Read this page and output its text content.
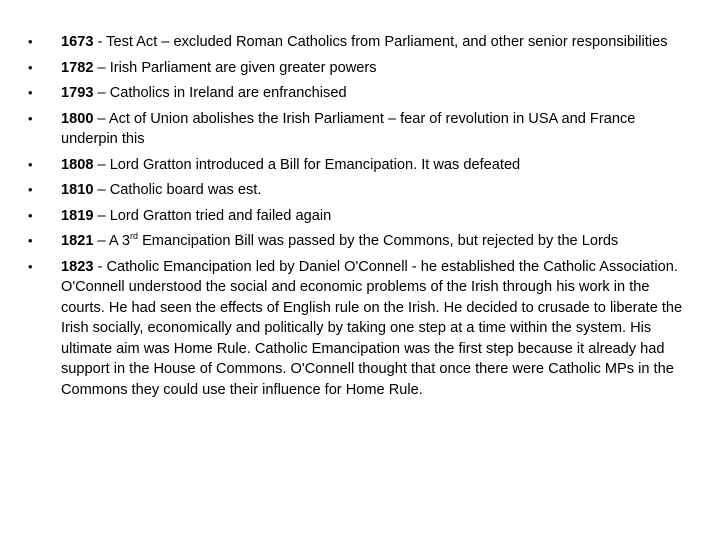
• 1673 - Test Act – excluded Roman Catholics from Parliament, and other senior responsibilities
• 1782 – Irish Parliament are given greater powers
• 1793 – Catholics in Ireland are enfranchised
• 1800 – Act of Union abolishes the Irish Parliament – fear of revolution in USA and France underpin this
• 1808 – Lord Gratton introduced a Bill for Emancipation. It was defeated
• 1810 – Catholic board was est.
• 1819 – Lord Gratton tried and failed again
• 1821 – A 3rd Emancipation Bill was passed by the Commons, but rejected by the Lords
• 1823 - Catholic Emancipation led by Daniel O'Connell - he established the Catholic Association. O'Connell understood the social and economic problems of the Irish through his work in the courts. He had seen the effects of English rule on the Irish. He decided to crusade to liberate the Irish socially, economically and politically by taking one step at a time within the system. His ultimate aim was Home Rule. Catholic Emancipation was the first step because it already had support in the House of Commons. O'Connell thought that once there were Catholic MPs in the Commons they could use their influence for Home Rule.
